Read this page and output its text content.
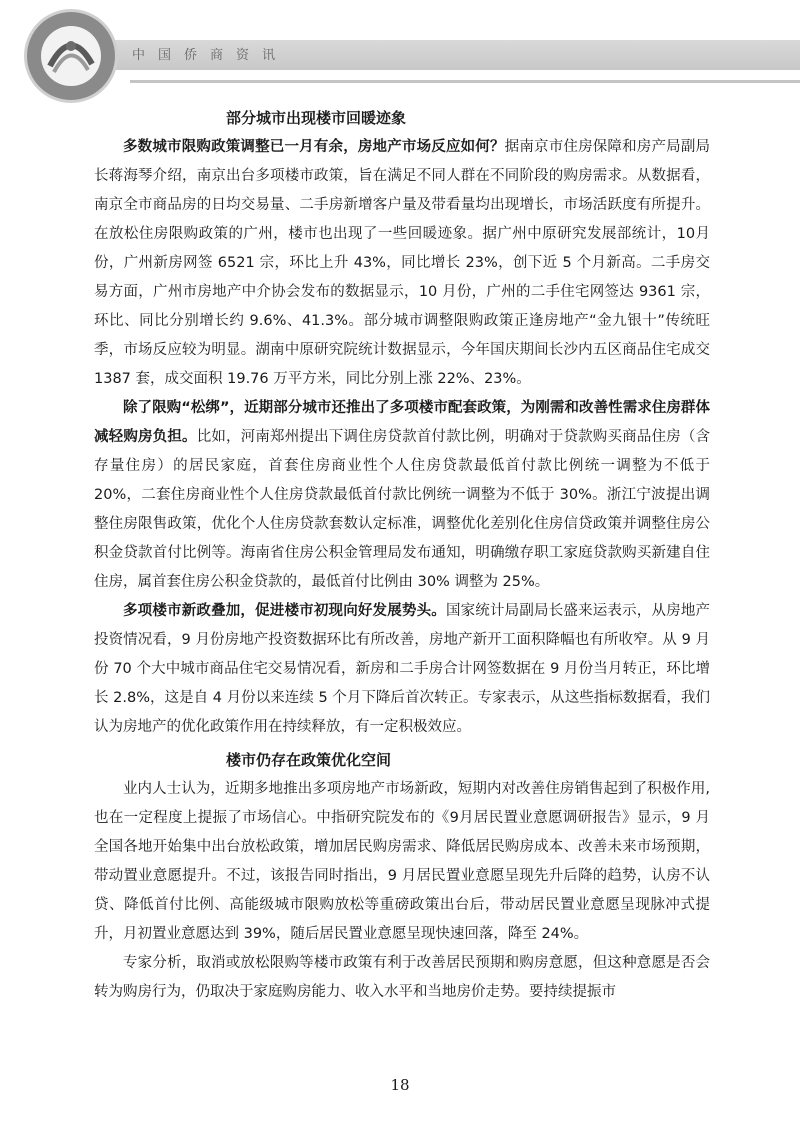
中国侨商资讯
部分城市出现楼市回暖迹象

多数城市限购政策调整已一月有余，房地产市场反应如何？据南京市住房保障和房产局副局长蒋海琴介绍，南京出台多项楼市政策，旨在满足不同人群在不同阶段的购房需求。从数据看，南京全市商品房的日均交易量、二手房新增客户量及带看量均出现增长，市场活跃度有所提升。在放松住房限购政策的广州，楼市也出现了一些回暖迹象。据广州中原研究发展部统计，10月份，广州新房网签 6521 宗，环比上升 43%，同比增长 23%，创下近 5 个月新高。二手房交易方面，广州市房地产中介协会发布的数据显示，10 月份，广州的二手住宅网签达 9361 宗，环比、同比分别增长约 9.6%、41.3%。部分城市调整限购政策正逢房地产“金九银十”传统旺季，市场反应较为明显。湖南中原研究院统计数据显示，今年国庆期间长沙内五区商品住宅成交 1387 套，成交面积 19.76 万平方米，同比分别上涨 22%、23%。

除了限购“松绑”，近期部分城市还推出了多项楼市配套政策，为刚需和改善性需求住房群体减轻购房负担。比如，河南郑州提出下调住房贷款首付款比例，明确对于贷款购买商品住房（含存量住房）的居民家庭，首套住房商业性个人住房贷款最低首付款比例统一调整为不低于 20%，二套住房商业性个人住房贷款最低首付款比例统一调整为不低于 30%。浙江宁波提出调整住房限售政策，优化个人住房贷款套数认定标准，调整优化差别化住房信贷政策并调整住房公积金贷款首付比例等。海南省住房公积金管理局发布通知，明确缴存职工家庭贷款购买新建自住住房，属首套住房公积金贷款的，最低首付比例由 30% 调整为 25%。

多项楼市新政叠加，促进楼市初现向好发展势头。国家统计局副局长盛来运表示，从房地产投资情况看，9 月份房地产投资数据环比有所改善，房地产新开工面积降幅也有所收窄。从 9 月份 70 个大中城市商品住宅交易情况看，新房和二手房合计网签数据在 9 月份当月转正，环比增长 2.8%，这是自 4 月份以来连续 5 个月下降后首次转正。专家表示，从这些指标数据看，我们认为房地产的优化政策作用在持续释放，有一定积极效应。

楼市仍存在政策优化空间

业内人士认为，近期多地推出多项房地产市场新政，短期内对改善住房销售起到了积极作用,也在一定程度上提振了市场信心。中指研究院发布的《9月居民置业意愿调研报告》显示，9 月全国各地开始集中出台放松政策，增加居民购房需求、降低居民购房成本、改善未来市场预期，带动置业意愿提升。不过，该报告同时指出，9 月居民置业意愿呈现先升后降的趋势，认房不认贷、降低首付比例、高能级城市限购放松等重磅政策出台后，带动居民置业意愿呈现脉冲式提升，月初置业意愿达到 39%，随后居民置业意愿呈现快速回落，降至 24%。

专家分析，取消或放松限购等楼市政策有利于改善居民预期和购房意愿，但这种意愿是否会转为购房行为，仍取决于家庭购房能力、收入水平和当地房价走势。要持续提振市

18
